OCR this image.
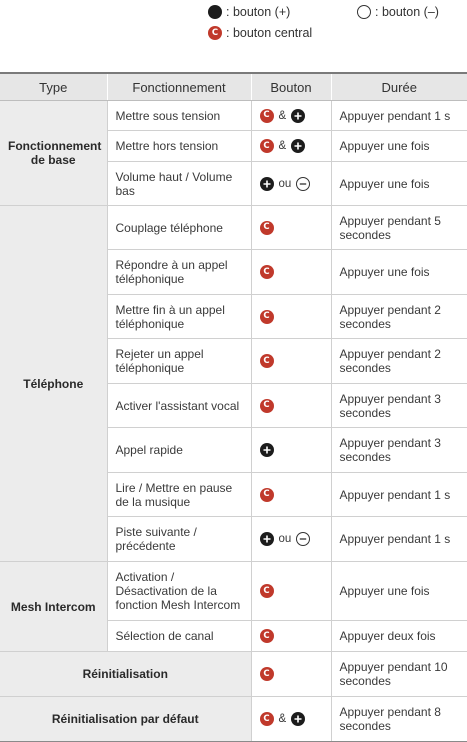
: bouton (+)	: bouton (–)
C : bouton central
Type	Fonctionnement	Bouton	Durée
Fonctionnement de base	Mettre sous tension	C &	Appuyer pendant 1 s
	Mettre hors tension	C &	Appuyer une fois
	Volume haut / Volume bas	ou	Appuyer une fois
Téléphone	Couplage téléphone	C	Appuyer pendant 5 secondes
	Répondre à un appel téléphonique	C	Appuyer une fois
	Mettre fin à un appel téléphonique	C	Appuyer pendant 2 secondes
	Rejeter un appel téléphonique	C	Appuyer pendant 2 secondes
	Activer l'assistant vocal	C	Appuyer pendant 3 secondes
	Appel rapide		Appuyer pendant 3 secondes
	Lire / Mettre en pause de la musique	C	Appuyer pendant 1 s
	Piste suivante / précédente	ou	Appuyer pendant 1 s
Mesh Intercom	Activation / Désactivation de la fonction Mesh Intercom	C	Appuyer une fois
	Sélection de canal	C	Appuyer deux fois
Réinitialisation		C	Appuyer pendant 10 secondes
Réinitialisation par défaut		C &	Appuyer pendant 8 secondes
